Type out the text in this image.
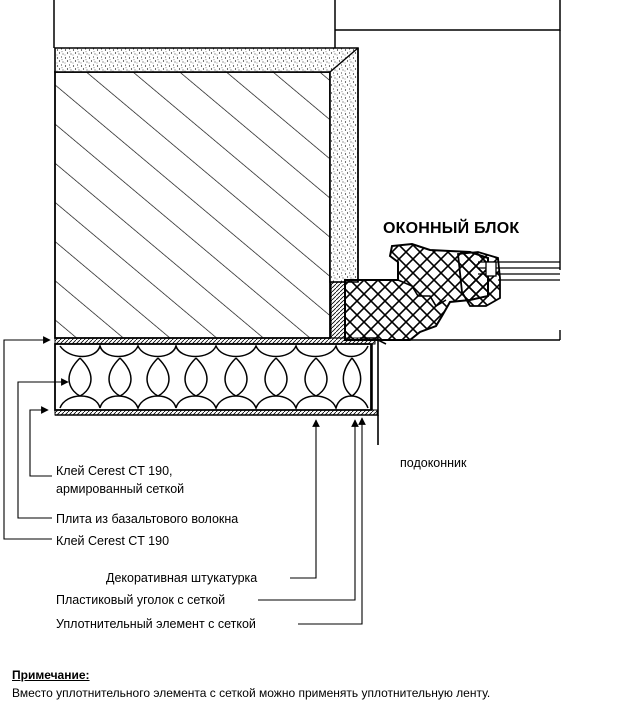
ОКОННЫЙ БЛОК
подоконник
Клей Cerest CT 190,
армированный сеткой
Плита из базальтового волокна
Клей Cerest CT 190
Декоративная штукатурка
Пластиковый уголок с сеткой
Уплотнительный элемент с сеткой
Примечание:
Вместо уплотнительного элемента с сеткой можно применять уплотнительную ленту.
